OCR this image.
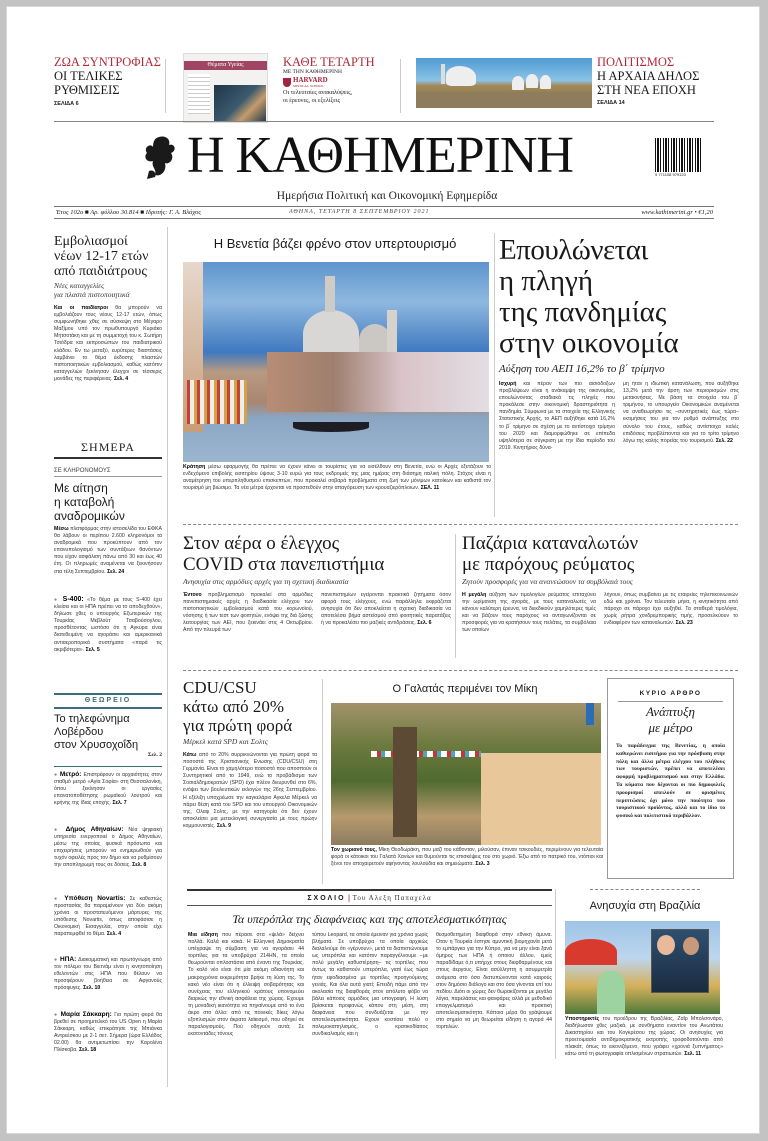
ΖΩΑ ΣΥΝΤΡΟΦΙΑΣ
ΟΙ ΤΕΛΙΚΕΣ
ΡΥΘΜΙΣΕΙΣ
ΣΕΛΙΔΑ 6
Θέματα Υγείας	ΚΑΘΕ ΤΕΤΑΡΤΗ
ΜΕ ΤΗΝ ΚΑΘΗΜΕΡΙΝΗ
HARVARD
MEDICAL SCHOOL
Οι τελευταίες ανακαλύψεις,
οι έρευνες, οι εξελίξεις
ΠΟΛΙΤΙΣΜΟΣ
Η ΑΡΧΑΙΑ ΔΗΛΟΣ
ΣΤΗ ΝΕΑ ΕΠΟΧΗ
ΣΕΛΙΔΑ 14
Η ΚΑΘΗΜΕΡΙΝΗ	9 771108 979120
Ημερήσια Πολιτική και Οικονομική Εφημερίδα
Έτος 102ο ■ Αρ. φύλλου 30.814 ■ Ιδρυτής: Γ. Α. Βλάχος	ΑΘΗΝΑ, ΤΕΤΑΡΤΗ 8 ΣΕΠΤΕΜΒΡΙΟΥ 2021	www.kathimerini.gr • €1,20
Εμβολιασμοί
νέων 12-17 ετών
από παιδιάτρους
Νέες καταγγελίες
για πλαστά πιστοποιητικά
Και οι παιδίατροι θα μπορούν να εμβολιάζουν τους νέους 12-17 ετών, όπως συμφωνήθηκε χθες σε σύσκεψη στο Μέγαρο Μαξίμου υπό τον πρωθυπουργό Κυριάκο Μητσοτάκη και με τη συμμετοχή του κ. Σωτήρη Τσιόδρα και εκπροσώπων του παιδιατρικού κλάδου. Εν τω μεταξύ, ευρύτερες διαστάσεις λαμβάνει το θέμα έκδοσης πλαστών πιστοποιητικών εμβολιασμού, καθώς κατόπιν καταγγελιών ξεκίνησαν έλεγχοι σε τέσσερις μονάδες της περιφέρειας. Σελ. 4
ΣΗΜΕΡΑ
ΣΕ ΚΛΗΡΟΝΟΜΟΥΣ
Με αίτηση
η καταβολή
αναδρομικών
Μέσω πλατφόρμας στην ιστοσελίδα του ΕΦΚΑ θα λάβουν οι περίπου 2.600 κληρονόμοι τα αναδρομικά που προκύπτουν από τον επανυπολογισμό των συντάξεων θανόντων που είχαν ασφάλιση πάνω από 30 και έως 40 έτη. Οι πληρωμές αναμένεται να ξεκινήσουν στα τέλη Σεπτεμβρίου. Σελ. 24
● S-400: «Το θέμα με τους S-400 έχει κλείσει και οι ΗΠΑ πρέπει να το αποδεχθούν», δήλωσε χθες ο υπουργός Εξωτερικών της Τουρκίας Μεβλούτ Τσαβούσογλου, προσθέτοντας ωστόσο ότι η Αγκυρα είναι διατεθειμένη να αγοράσει και αμερικανικά αντιαεροπορικά συστήματα «παρά τις ακριβότερα». Σελ. 5
ΘΕΩΡΕΙΟ
Το τηλεφώνημα
Λοβέρδου
στον Χρυσοχοΐδη
Σελ. 2
● Μετρό: Επιστρέφουν οι αρχαιότητες στον σταθμό μετρό «Αγία Σοφία» στη Θεσσαλονίκη, όπου ξεκίνησαν οι εργασίες επανατοποθέτησης ρωμαϊκού λουτρού και κρήνης της ίδιας εποχής. Σελ. 7
● Δήμος Αθηναίων: Νέα ψηφιακή υπηρεσία ενεργοποιεί ο Δήμος Αθηναίων, μέσω της οποίας φυσικά πρόσωπα και επιχειρήσεις μπορούν να ενημερωθούν για τυχόν οφειλές προς τον δήμο και να ρυθμίσουν την αποπληρωμή τους σε δόσεις. Σελ. 8
● Υπόθεση Novartis: Σε καθεστώς προστασίας θα παραμείνουν για δύο ακόμη χρόνια οι προστατευόμενοι μάρτυρες της υπόθεσης Novartis, όπως αποφάσισε η Οικονομική Εισαγγελία, στην οποία είχε παραπεμφθεί το θέμα. Σελ. 4
● ΗΠΑ: Διακομματική και πρωτόγνωρη από τον πόλεμο του Βιετνάμ είναι η κινητοποίηση εθελοντών στις ΗΠΑ που θέλουν να προσφέρουν βοήθεια σε Αφγανούς πρόσφυγες. Σελ. 10
● Μαρία Σάκκαρη: Για πρώτη φορά θα βρεθεί σε προημιτελικό του US Open η Μαρία Σάκκαρη, καθώς επικράτησε της Μπιάνκα Αντρεέσκου με 2-1 σετ. Σήμερα (ώρα Ελλάδος 02.00) θα αντιμετωπίσει την Καρολίνα Πλίσκοβα. Σελ. 18
Η Βενετία βάζει φρένο στον υπερτουρισμό
Κράτηση μέσω εφαρμογής θα πρέπει να έχουν κάνει οι τουρίστες για να εισέλθουν στη Βενετία, ενώ οι Αρχές εξετάζουν το ενδεχόμενο επιβολής εισιτηρίου ύψους 3-10 ευρώ για τους εκδρομείς της μιας ημέρας στη διάσημη ιταλική πόλη. Στόχος είναι η αναμέτρηση του υπερπληθυσμού επισκεπτών, που προκαλεί σοβαρά προβλήματα στη ζωή των μόνιμων κατοίκων και καθιστά τον τουρισμό μη βιώσιμο. Τα νέα μέτρα έρχονται να προστεθούν στην απαγόρευση των κρουαζιερόπλοιων. ΣΕΛ. 11
Επουλώνεται
η πληγή
της πανδημίας
στην οικονομία
Αύξηση του ΑΕΠ 16,2% το β΄ τρίμηνο
Ισχυρή και πέραν των πιο αισιόδοξων προβλέψεων είναι η ανάκαμψη της οικονομίας, επουλώνοντας σταδιακά τις πληγές που προκάλεσε στην οικονομική δραστηριότητα η πανδημία. Σύμφωνα με τα στοιχεία της Ελληνικής Στατιστικής Αρχής, το ΑΕΠ αυξήθηκε κατά 16,2% το β΄ τρίμηνο σε σχέση με το αντίστοιχο τρίμηνο του 2020 και διαμορφώθηκε σε επίπεδα υψηλότερα σε σύγκριση με την ίδια περίοδο του 2019. Κινητήριος δύνα-
μη ήταν η ιδιωτική κατανάλωση, που αυξήθηκε 13,2% μετά την άρση των περιορισμών στις μετακινήσεις. Με βάση τα στοιχεία του β΄ τριμήνου, το υπουργείο Οικονομικών αναμένεται να αναθεωρήσει τις –συντηρητικές έως τώρα– εκτιμήσεις του για τον ρυθμό ανάπτυξης στο σύνολο του έτους, καθώς αντίστοιχα καλές επιδόσεις προβλέπονται και για το τρίτο τρίμηνο λόγω της καλής πορείας του τουρισμού. Σελ. 22
Στον αέρα ο έλεγχος
COVID στα πανεπιστήμια
Ανησυχία στις αρμόδιες αρχές για τη σχετική διαδικασία
Έντονο προβληματισμό προκαλεί στα αρμόδιες πανεπιστημιακές αρχές η διαδικασία ελέγχου των πιστοποιητικών εμβολιασμού κατά του κορωνοϊού, νόσησης ή των τεστ των φοιτητών, ενόψει της διά ζώσης λειτουργίας των ΑΕΙ, που ξεκινάει στις 4 Οκτωβρίου. Από την πλευρά των
πανεπιστημίων εγείρονται πρακτικά ζητήματα όσον αφορά τους ελέγχους, ενώ παράλληλα εκφράζεται ανησυχία ότι δεν αποκλείεται η σχετική διαδικασία να αποτελέσει βήμα αστεϊσμού από φοιτητικές παρατάξεις ή να προκαλέσει πιο μαζικές αντιδράσεις. Σελ. 6
Παζάρια καταναλωτών
με παρόχους ρεύματος
Ζητούν προσφορές για να ανανεώσουν τα συμβόλαιά τους
Η μεγάλη αύξηση των τιμολογίων ρεύματος επιταχύνει την ωρίμανση της αγοράς, με τους καταναλωτές να κάνουν καλύτερη έρευνα, να διεκδικούν χαμηλότερες τιμές και να βάζουν τους παρόχους να ανταγωνίζονται σε προσφορές για να κρατήσουν τους πελάτες, τα συμβόλαια των οποίων
λήγουν, όπως συμβαίνει με τις εταιρείες τηλεπικοινωνιών εδώ και χρόνια. Τον τελευταίο μήνα, η κινητικότητα από πάροχο σε πάροχο έχει αυξηθεί. Τα σταθερά τιμολόγια, χωρίς ρήτρα χονδρεμπορικής τιμής, προσελκύουν το ενδιαφέρον των καταναλωτών. Σελ. 23
CDU/CSU
κάτω από 20%
για πρώτη φορά
Μέρκελ κατά SPD και Σολτς
Κάτω από το 20% συρρικνώνονται για πρώτη φορά τα ποσοστά της Χριστιανικής Ενωσης (CDU/CSU) στη Γερμανία. Είναι το χαμηλότερο ποσοστό που αποσπούν οι Συντηρητικοί από το 1949, ενώ το προβάδισμα των Σοσιαλδημοκρατών (SPD) έχει πλέον διευρυνθεί στο 6%, ενόψει των βουλευτικών εκλογών της 26ης Σεπτεμβρίου. Η εξέλιξη υποχρέωσε την καγκελάριο Αγκελα Μέρκελ να πάρει θέση κατά του SPD και του υπουργού Οικονομικών της, Ολαφ Σολτς, με την κατηγορία ότι δεν έχουν αποκλείσει μια μετεκλογική συνεργασία με τους πρώην κομμουνιστές. Σελ. 9
Ο Γαλατάς περιμένει τον Μίκη
Τον χωριανό τους, Μίκη Θεοδωράκη, που μαζί του κάθονταν, μιλούσαν, έπιναν τσικουδιές, περιμένουν για τελευταία φορά οι κάτοικοι του Γαλατά Χανίων και θυμούνται τις επισκέψεις του στο χωριό. Έξω από το πατρικό του, ντόπιοι και ξένοι τον αποχαιρετούν αφήνοντας λουλούδια και σημειώματα. Σελ. 3
ΚΥΡΙΟ ΑΡΘΡΟ
Ανάπτυξη
με μέτρο
Το παράδειγμα της Βενετίας, η οποία καθιερώνει εισιτήριο για την πρόσβαση στην πόλη και άλλα μέτρα ελέγχου του πλήθους των τουριστών, πρέπει να αποτελέσει αφορμή προβληματισμού και στην Ελλάδα. Τα κύματα που δέχονται οι πιο δημοφιλείς προορισμοί απειλούν σε ορισμένες περιπτώσεις όχι μόνο την ποιότητα του τουριστικού προϊόντος, αλλά και το ίδιο το φυσικό και πολιτιστικό περιβάλλον.
ΣΧΟΛΙΟ | Του Αλεξη Παπαχελα
Τα υπερόπλα της διαφάνειας και της αποτελεσματικότητας
Μια είδηση που πέρασε στα «ψιλά» δείχνει πολλά. Καλά και κακά. Η Ελληνική Δημοκρατία υπέγραψε τη σύμβαση για να αγοράσει 44 τορπίλες για τα υποβρύχια 214HN, τα οποία θεωρούνται οπλοστάσια από έναντι της Τουρκίας. Το καλό νέο είναι ότι μία ακόμη αδιανόητη και μακροχρόνια εκκρεμότητα βρήκε τη λύση της. Το κακό νέο είναι ότι η έλλειψη σοβαρότητας και συνέχειας του ελληνικού κράτους υπονομεύει διαρκώς την εθνική ασφάλεια της χώρας. Εχουμε τη μοναδική ικανότητα να πηγαίνουμε από το ένα άκρο στο άλλο: από τις ποινικές δίκες λόγω εξοπλισμών στον άκρατο λαϊκισμό, που οδηγεί σε παραλογισμούς. Πού οδηγούν αυτά; Σε εκατοντάδες τόνους
τύπου Leopard, τα οποία έμειναν για χρόνια χωρίς βλήματα. Σε υποβρύχια τα οποία αρχικώς διαλαλούμε ότι «γέρνουν», μετά τα διαπιστώνουμε ως υπερόπλα και κατόπιν παραγγέλνουμε –με πολύ μεγάλη καθυστέρηση– τις τορπίλες που άντως τα καθιστούν υπερόπλα, γιατί έως τώρα ήταν εφοδιασμένα με τορπίλες προηγούμενης γενιάς. Και όλα αυτά γιατί; Επειδή πάμε από την ακολασία της διαφθοράς στον απόλυτο φόβο να βάλει κάποιος αρμόδιος μια υπογραφή. Η λύση βρίσκεται προφανώς κάπου στη μέση, στη διαφάνεια που συνδυάζεται με την αποτελεσματικότητα. Εχουν κοστίσει πολύ ο πολεμοκαπηλισμός, ο κρατικοδίαιτος συνδικαλισμός και η
θεσμοθετημένη διαφθορά στην εθνική άμυνα. Οταν η Τουρκία έστησε αμυντική βιομηχανία μετά το εμπάργκο για την Κύπρο, για να μην είναι ξανά όμηρος των ΗΠΑ ή οποιου άλλου, εμείς παραδίδαμε ό,τι υπήρχε στους διεφθαρμένους και στους άεργους. Είναι ασύλληπτη η ασυμμετρία ανάμεσα στο όσα διατυπώνονται κατά καιρούς στον δημόσιο διάλογο και στο όσα γίνονται επί του πεδίου. Διότι οι χώρες δεν θωρακίζονται με μεγάλα λόγια, παρελάσεις και φανφάρες αλλά με μεθοδικό επαγγελματισμό και πρακτική αποτελεσματικότητα. Κάποια μέρα θα γράψουμε στο σημείο να μη θεωρείται είδηση η αγορά 44 τορπιλών.
Ανησυχία στη Βραζιλία
Υποστηρικτές του προέδρου της Βραζιλίας, Ζαΐρ Μπολσονάρο, διαδήλωσαν χθες μαζικά, με συνθήματα εναντίον του Ανωτάτου Δικαστηρίου και του Κογκρέσου της χώρας. Οι ανησυχίες για προετοιμασία αντιδημοκρατικής εκτροπής τροφοδοτούνται από πλακάτ, όπως το εικονιζόμενο, που γράφει «χρονιά ξυπνήματος» κάτω από τη φωτογραφία οπλισμένων στρατιωτών. Σελ. 11
